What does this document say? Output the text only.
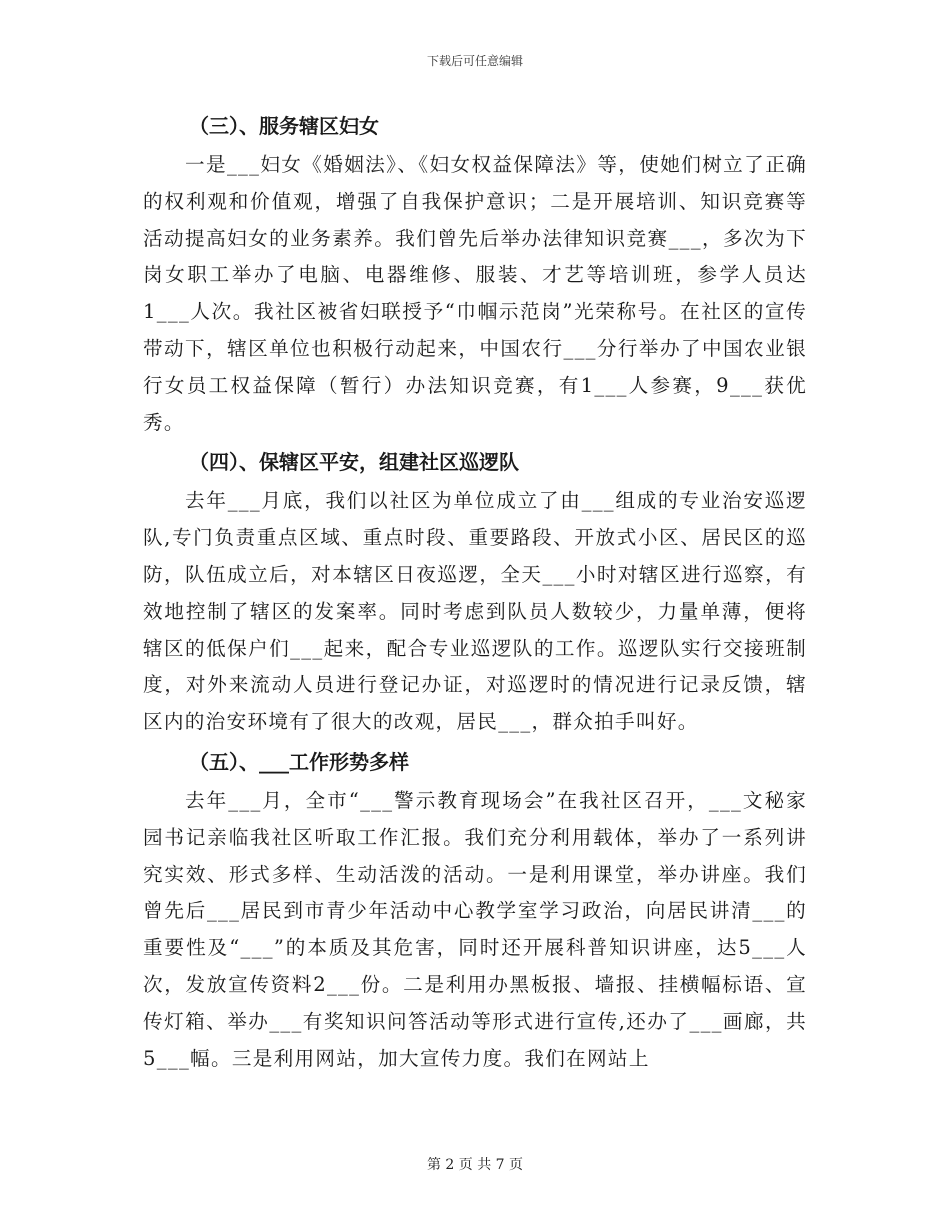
下载后可任意编辑
（三）、服务辖区妇女

一是___妇女《婚姻法》、《妇女权益保障法》等，使她们树立了正确的权利观和价值观，增强了自我保护意识；二是开展培训、知识竞赛等活动提高妇女的业务素养。我们曾先后举办法律知识竞赛___，多次为下岗女职工举办了电脑、电器维修、服装、才艺等培训班，参学人员达1___人次。我社区被省妇联授予“巾帼示范岗”光荣称号。在社区的宣传带动下，辖区单位也积极行动起来，中国农行___分行举办了中国农业银行女员工权益保障（暂行）办法知识竞赛，有1___人参赛，9___获优秀。

（四）、保辖区平安，组建社区巡逻队

去年___月底，我们以社区为单位成立了由___组成的专业治安巡逻队,专门负责重点区域、重点时段、重要路段、开放式小区、居民区的巡防，队伍成立后，对本辖区日夜巡逻，全天___小时对辖区进行巡察，有效地控制了辖区的发案率。同时考虑到队员人数较少，力量单薄，便将辖区的低保户们___起来，配合专业巡逻队的工作。巡逻队实行交接班制度，对外来流动人员进行登记办证，对巡逻时的情况进行记录反馈，辖区内的治安环境有了很大的改观，居民___，群众拍手叫好。

（五）、___工作形势多样

去年___月，全市“___警示教育现场会”在我社区召开，___文秘家园书记亲临我社区听取工作汇报。我们充分利用载体，举办了一系列讲究实效、形式多样、生动活泼的活动。一是利用课堂，举办讲座。我们曾先后___居民到市青少年活动中心教学室学习政治，向居民讲清___的重要性及“___”的本质及其危害，同时还开展科普知识讲座，达5___人次，发放宣传资料2___份。二是利用办黑板报、墙报、挂横幅标语、宣传灯箱、举办___有奖知识问答活动等形式进行宣传,还办了___画廊，共5___幅。三是利用网站，加大宣传力度。我们在网站上

第 2 页 共 7 页
